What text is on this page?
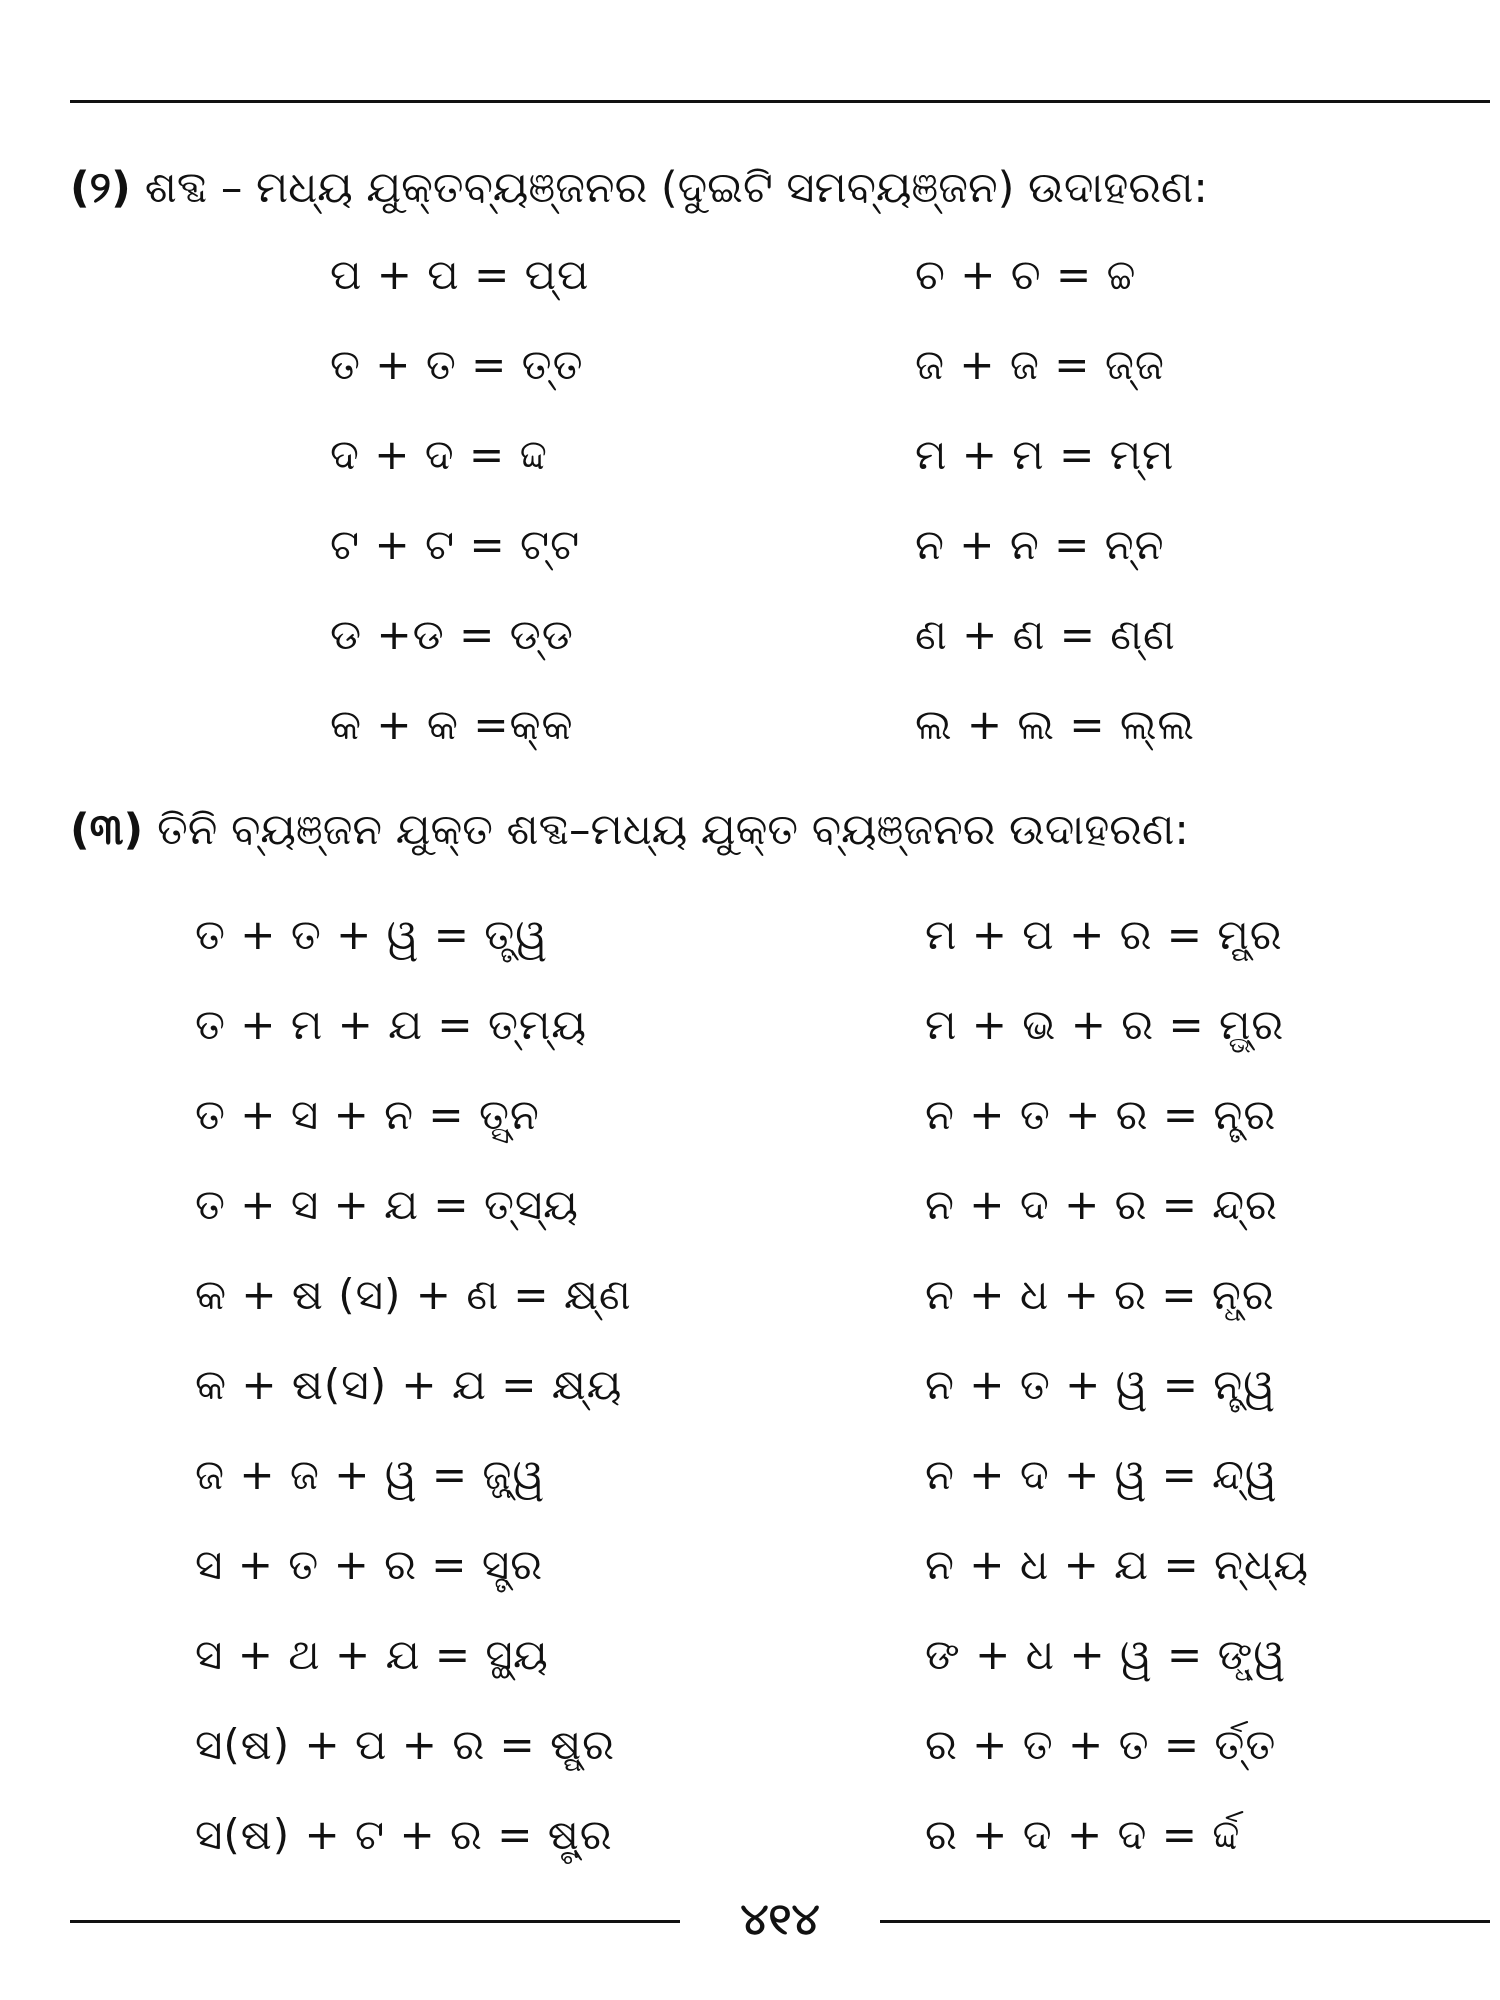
(୨) ଶବ୍ଦ – ମଧ୍ୟ ଯୁକ୍ତବ୍ୟଞ୍ଜନର (ଦୁଇଟି ସମବ୍ୟଞ୍ଜନ) ଉଦାହରଣ:
ପ + ପ = ପ୍ପ	ଚ + ଚ = ଚ୍ଚ
ତ + ତ = ତ୍ତ	ଜ + ଜ = ଜ୍ଜ
ଦ + ଦ = ଦ୍ଦ	ମ + ମ = ମ୍ମ
ଟ + ଟ = ଟ୍ଟ	ନ + ନ = ନ୍ନ
ଡ +ଡ = ଡ୍ଡ	ଣ + ଣ = ଣ୍ଣ
କ + କ =କ୍କ	ଲ + ଲ = ଲ୍ଲ
(୩) ତିନି ବ୍ୟଞ୍ଜନ ଯୁକ୍ତ ଶବ୍ଦ–ମଧ୍ୟ ଯୁକ୍ତ ବ୍ୟଞ୍ଜନର ଉଦାହରଣ:
ତ + ତ + ୱ = ତ୍ତ୍ୱ	ମ + ପ + ର = ମ୍ପ୍ର
ତ + ମ + ଯ = ତ୍ମ୍ୟ	ମ + ଭ + ର = ମ୍ଭ୍ର
ତ + ସ + ନ = ତ୍ସ୍ନ	ନ + ତ + ର = ନ୍ତ୍ର
ତ + ସ + ଯ = ତ୍ସ୍ୟ	ନ + ଦ + ର = ନ୍ଦ୍ର
କ + ଷ (ସ) + ଣ = କ୍ଷ୍ଣ	ନ + ଧ + ର = ନ୍ଧ୍ର
କ + ଷ(ସ) + ଯ = କ୍ଷ୍ୟ	ନ + ତ + ୱ = ନ୍ତ୍ୱ
ଜ + ଜ + ୱ = ଜ୍ଜ୍ୱ	ନ + ଦ + ୱ = ନ୍ଦ୍ୱ
ସ + ତ + ର = ସ୍ତ୍ର	ନ + ଧ + ଯ = ନ୍ଧ୍ୟ
ସ + ଥ + ଯ = ସ୍ଥ୍ୟ	ଙ + ଧ + ୱ = ଙ୍ଧ୍ୱ
ସ(ଷ) + ପ + ର = ଷ୍ପ୍ର	ର + ତ + ତ = ର୍ତ୍ତ
ସ(ଷ) + ଟ + ର = ଷ୍ଟ୍ର	ର + ଦ + ଦ = ର୍ଦ୍ଦ
୪୧୪
